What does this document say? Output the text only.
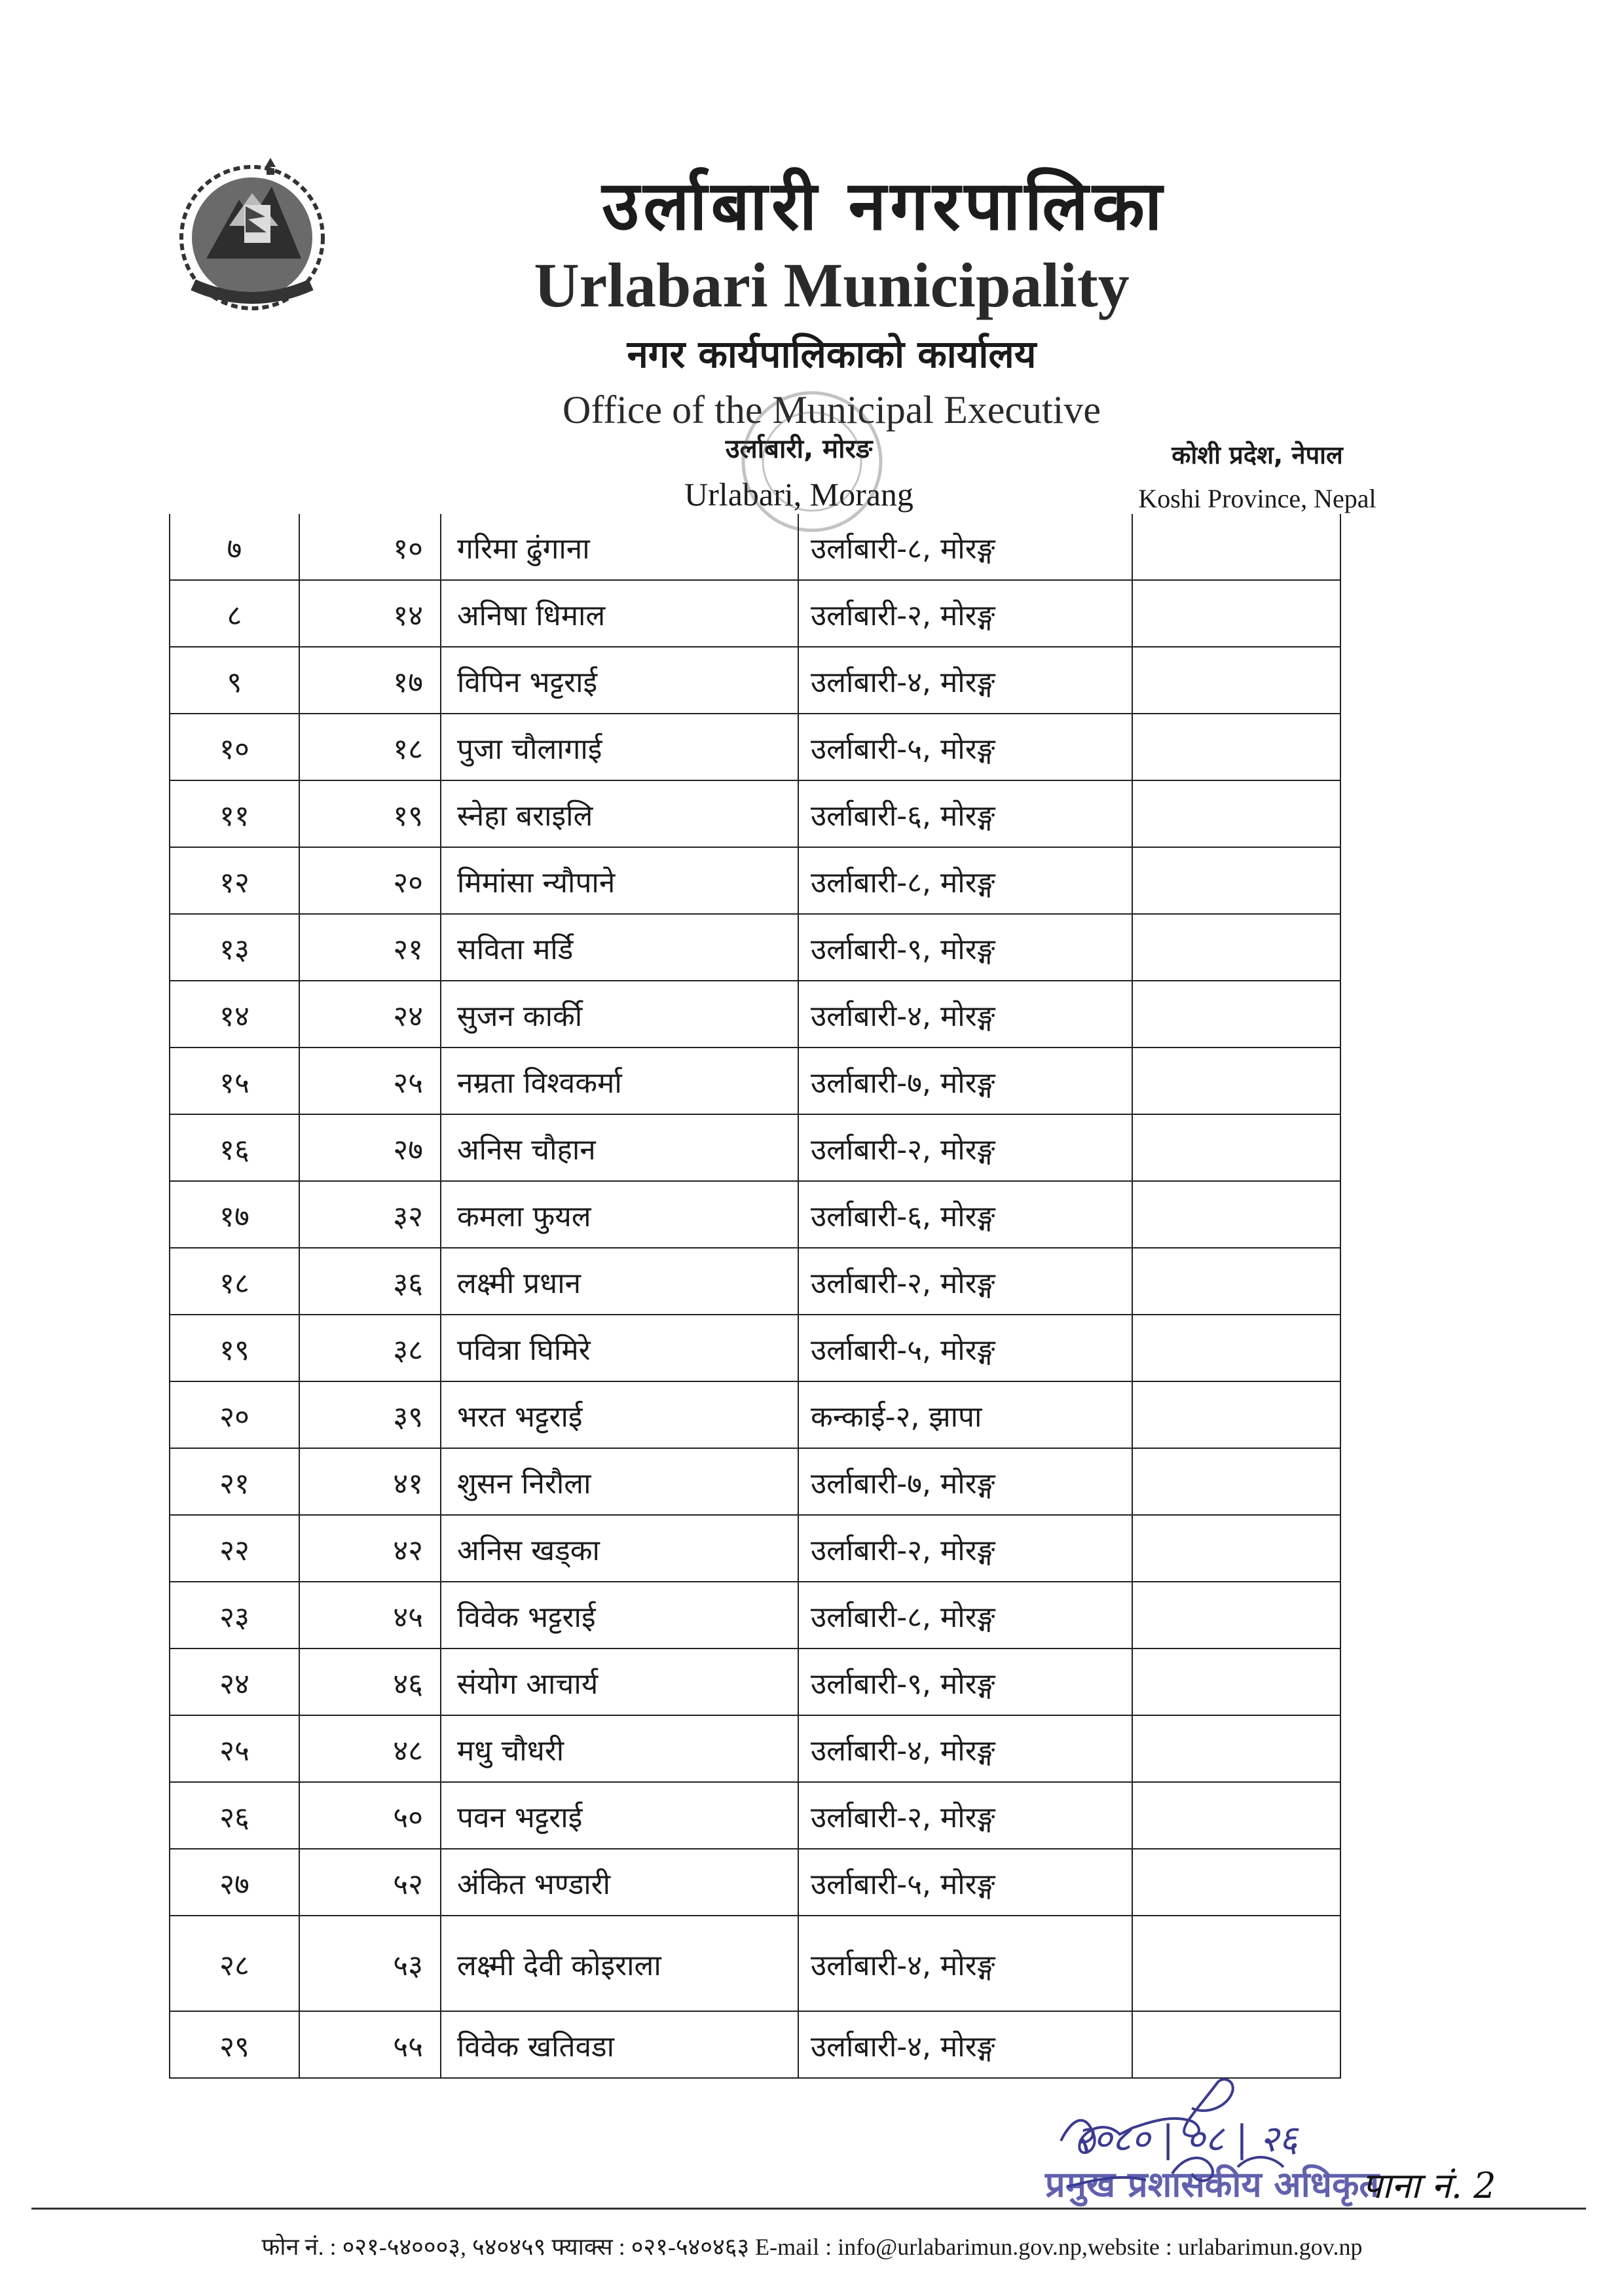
उर्लाबारी नगरपालिका
Urlabari Municipality
नगर कार्यपालिकाको कार्यालय
Office of the Municipal Executive
उर्लाबारी, मोरङ
Urlabari, Morang
कोशी प्रदेश, नेपाल
Koshi Province, Nepal
७	१०	गरिमा ढुंगाना	उर्लाबारी-८, मोरङ्ग
८	१४	अनिषा धिमाल	उर्लाबारी-२, मोरङ्ग
९	१७	विपिन भट्टराई	उर्लाबारी-४, मोरङ्ग
१०	१८	पुजा चौलागाई	उर्लाबारी-५, मोरङ्ग
११	१९	स्नेहा बराइलि	उर्लाबारी-६, मोरङ्ग
१२	२०	मिमांसा न्यौपाने	उर्लाबारी-८, मोरङ्ग
१३	२१	सविता मर्डि	उर्लाबारी-९, मोरङ्ग
१४	२४	सुजन कार्की	उर्लाबारी-४, मोरङ्ग
१५	२५	नम्रता विश्वकर्मा	उर्लाबारी-७, मोरङ्ग
१६	२७	अनिस चौहान	उर्लाबारी-२, मोरङ्ग
१७	३२	कमला फुयल	उर्लाबारी-६, मोरङ्ग
१८	३६	लक्ष्मी प्रधान	उर्लाबारी-२, मोरङ्ग
१९	३८	पवित्रा घिमिरे	उर्लाबारी-५, मोरङ्ग
२०	३९	भरत भट्टराई	कन्काई-२, झापा
२१	४१	शुसन निरौला	उर्लाबारी-७, मोरङ्ग
२२	४२	अनिस खड्का	उर्लाबारी-२, मोरङ्ग
२३	४५	विवेक भट्टराई	उर्लाबारी-८, मोरङ्ग
२४	४६	संयोग आचार्य	उर्लाबारी-९, मोरङ्ग
२५	४८	मधु चौधरी	उर्लाबारी-४, मोरङ्ग
२६	५०	पवन भट्टराई	उर्लाबारी-२, मोरङ्ग
२७	५२	अंकित भण्डारी	उर्लाबारी-५, मोरङ्ग
२८	५३	लक्ष्मी देवी कोइराला	उर्लाबारी-४, मोरङ्ग
२९	५५	विवेक खतिवडा	उर्लाबारी-४, मोरङ्ग
२०८० | ०८ | २६
प्रमुख प्रशासकीय अधिकृत
पाना नं. 2
फोन नं. : ०२१-५४०००३, ५४०४५९ फ्याक्स : ०२१-५४०४६३ E-mail : info@urlabarimun.gov.np,website : urlabarimun.gov.np
